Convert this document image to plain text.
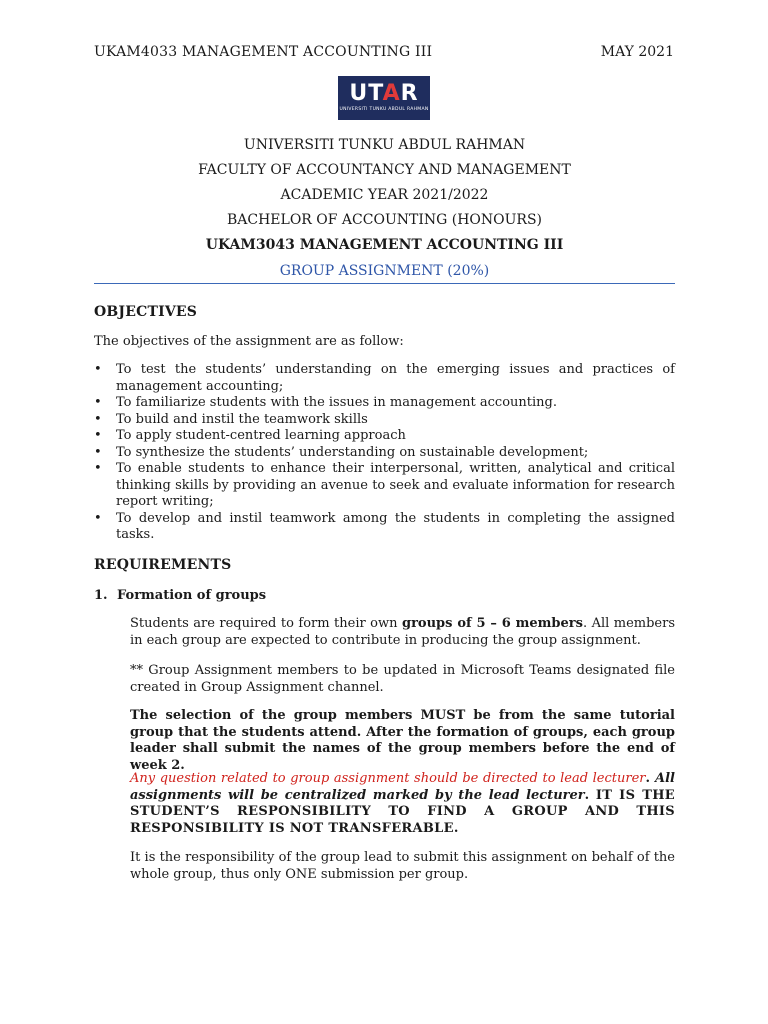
UKAM4033 MANAGEMENT ACCOUNTING III	MAY 2021
UTAR
UNIVERSITI TUNKU ABDUL RAHMAN
UNIVERSITI TUNKU ABDUL RAHMAN
FACULTY OF ACCOUNTANCY AND MANAGEMENT
ACADEMIC YEAR 2021/2022
BACHELOR OF ACCOUNTING (HONOURS)
UKAM3043 MANAGEMENT ACCOUNTING III
GROUP ASSIGNMENT (20%)
OBJECTIVES
The objectives of the assignment are as follow:
• To test the students’ understanding on the emerging issues and practices of management accounting;
• To familiarize students with the issues in management accounting.
• To build and instil the teamwork skills
• To apply student-centred learning approach
• To synthesize the students’ understanding on sustainable development;
• To enable students to enhance their interpersonal, written, analytical and critical thinking skills by providing an avenue to seek and evaluate information for research report writing;
• To develop and instil teamwork among the students in completing the assigned tasks.
REQUIREMENTS
1. Formation of groups
Students are required to form their own groups of 5 – 6 members. All members in each group are expected to contribute in producing the group assignment.
** Group Assignment members to be updated in Microsoft Teams designated file created in Group Assignment channel.
The selection of the group members MUST be from the same tutorial group that the students attend. After the formation of groups, each group leader shall submit the names of the group members before the end of week 2.
Any question related to group assignment should be directed to lead lecturer. All assignments will be centralized marked by the lead lecturer. IT IS THE STUDENT’S RESPONSIBILITY TO FIND A GROUP AND THIS RESPONSIBILITY IS NOT TRANSFERABLE.
It is the responsibility of the group lead to submit this assignment on behalf of the whole group, thus only ONE submission per group.
